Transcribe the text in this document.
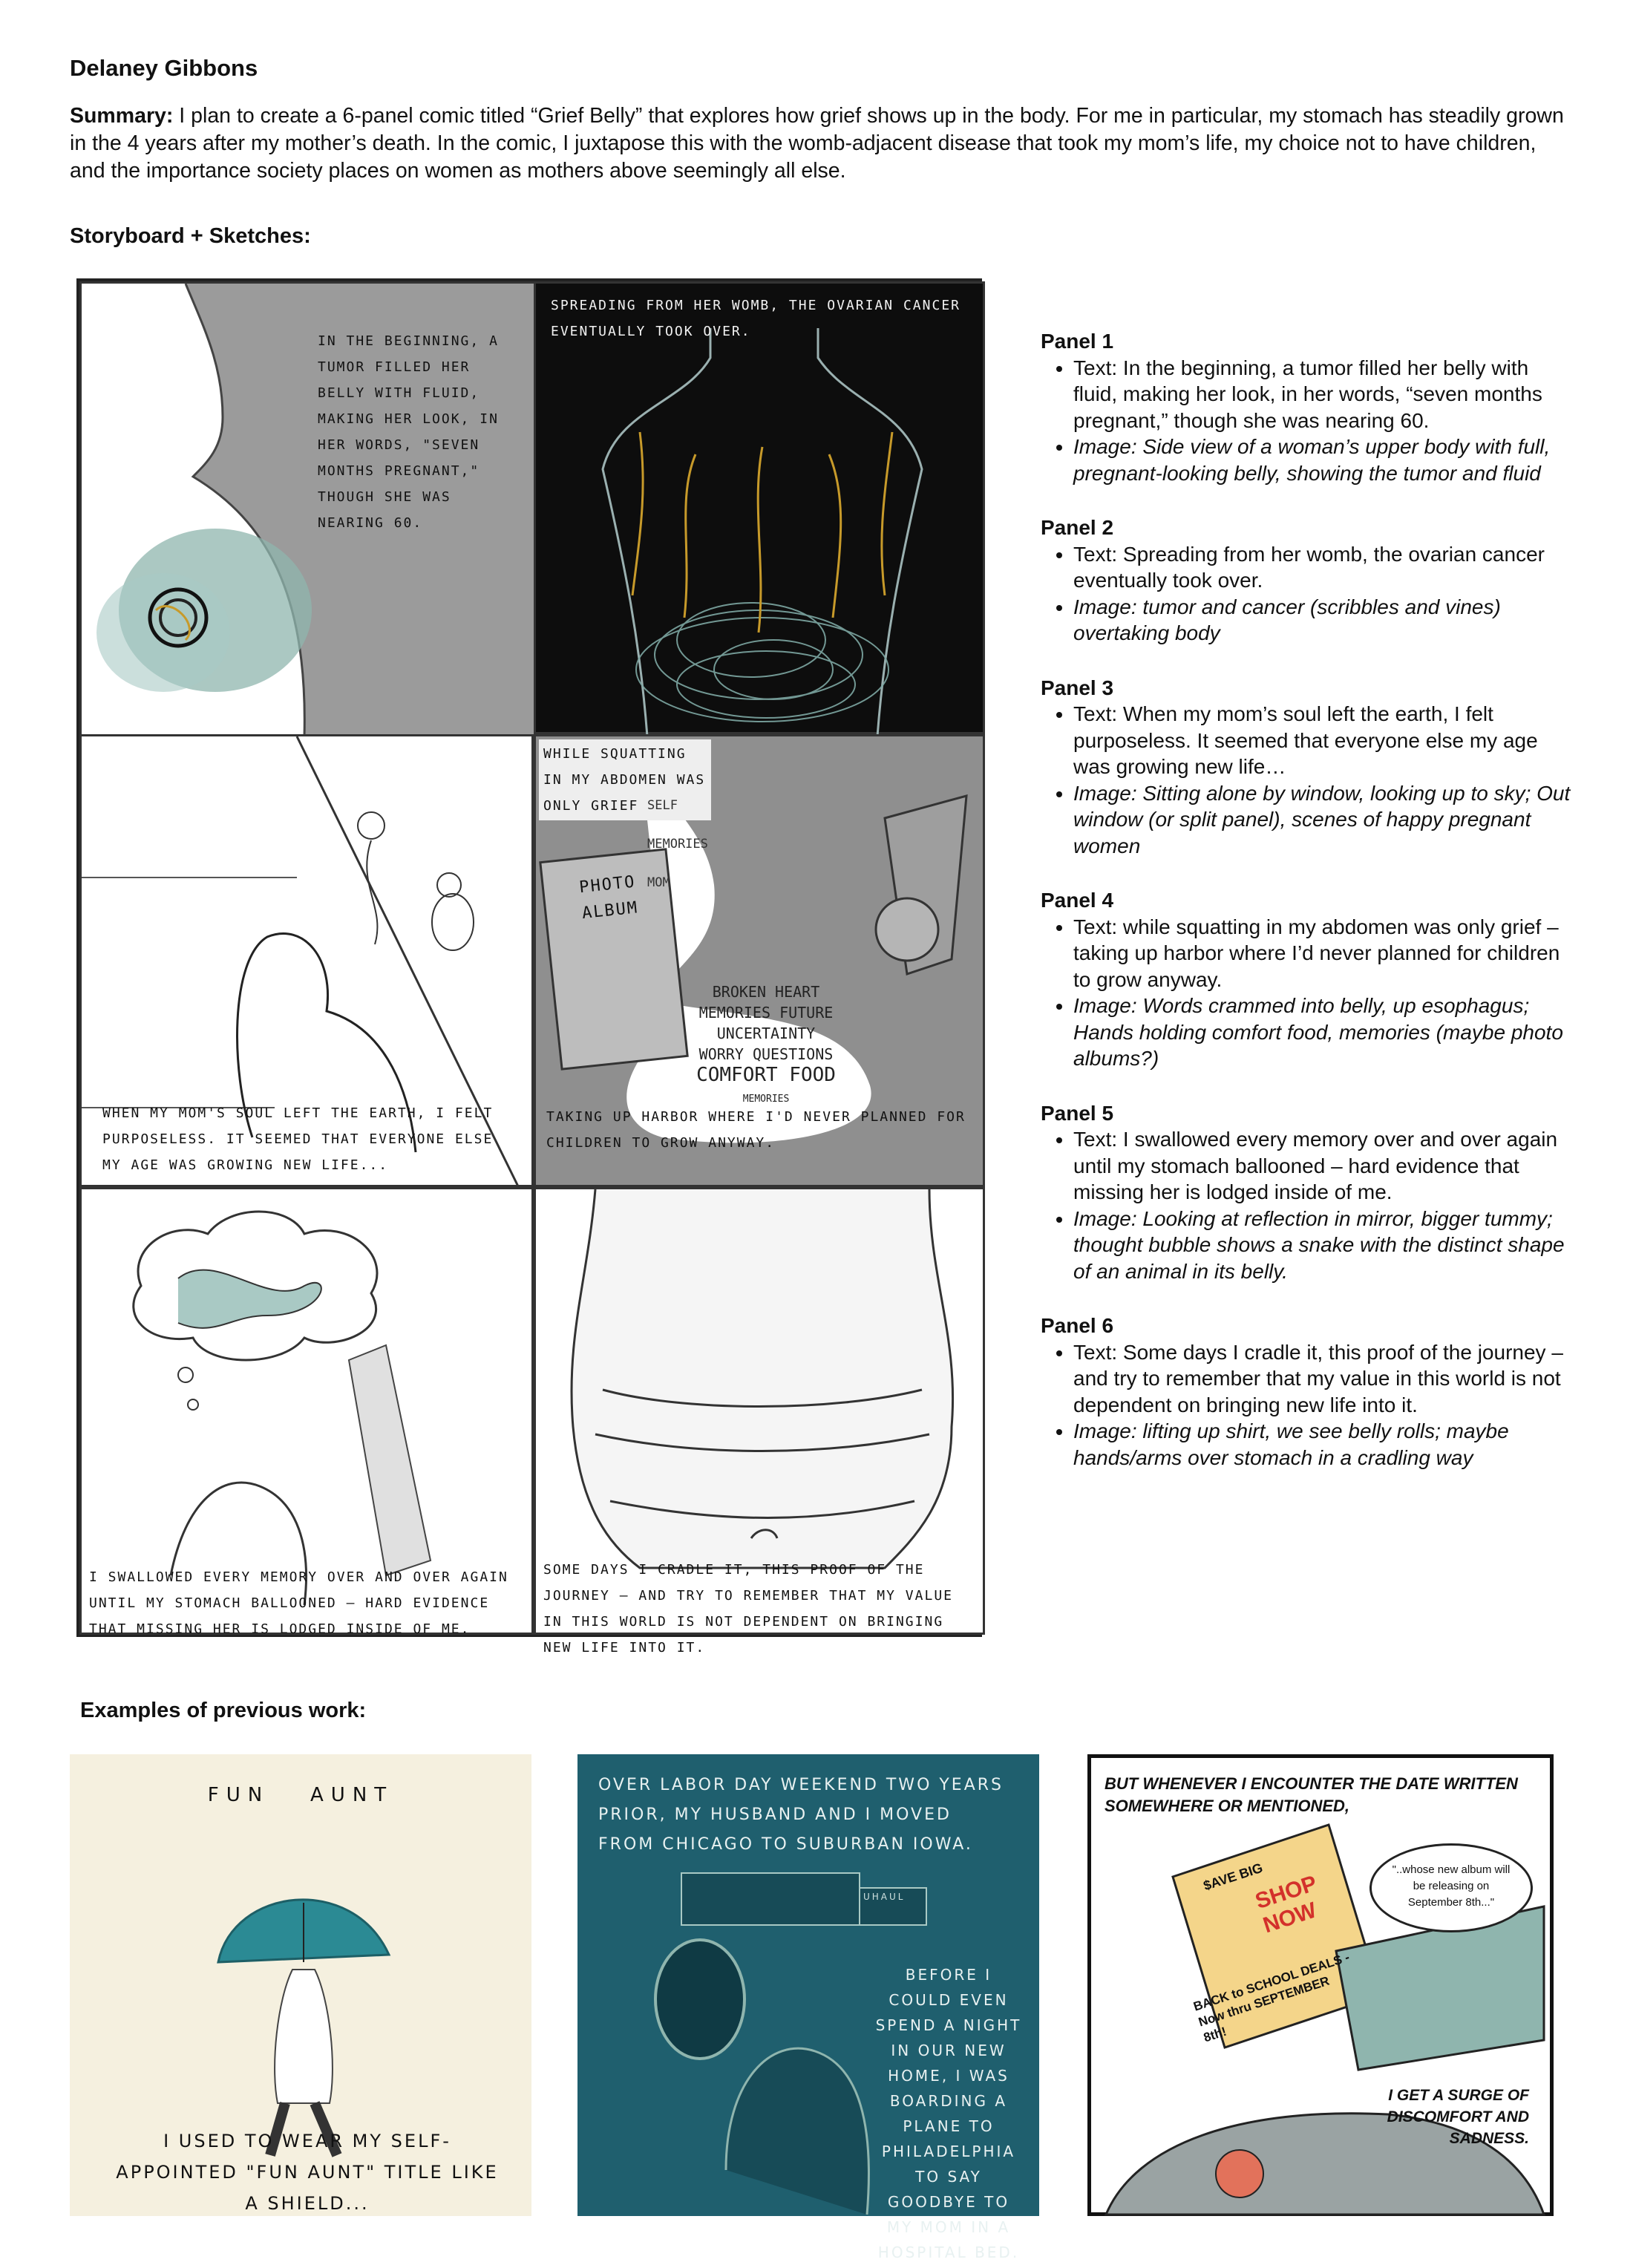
Delaney Gibbons
Summary: I plan to create a 6-panel comic titled “Grief Belly” that explores how grief shows up in the body. For me in particular, my stomach has steadily grown in the 4 years after my mother’s death. In the comic, I juxtapose this with the womb-adjacent disease that took my mom’s life, my choice not to have children, and the importance society places on women as mothers above seemingly all else.
Storyboard + Sketches:
IN THE BEGINNING, A TUMOR FILLED HER BELLY WITH FLUID, MAKING HER LOOK, IN HER WORDS, "SEVEN MONTHS PREGNANT," THOUGH SHE WAS NEARING 60.
SPREADING FROM HER WOMB, THE OVARIAN CANCER EVENTUALLY TOOK OVER.
WHEN MY MOM'S SOUL LEFT THE EARTH, I FELT PURPOSELESS. IT SEEMED THAT EVERYONE ELSE MY AGE WAS GROWING NEW LIFE...
WHILE SQUATTING IN MY ABDOMEN WAS ONLY GRIEF
PHOTO ALBUM
BROKEN HEART
MEMORIES FUTURE
UNCERTAINTY
WORRY QUESTIONS
COMFORT FOOD
MEMORIES
SELF

MEMORIES

MOM
TAKING UP HARBOR WHERE I'D NEVER PLANNED FOR CHILDREN TO GROW ANYWAY.
I SWALLOWED EVERY MEMORY OVER AND OVER AGAIN UNTIL MY STOMACH BALLOONED – HARD EVIDENCE THAT MISSING HER IS LODGED INSIDE OF ME.
SOME DAYS I CRADLE IT, THIS PROOF OF THE JOURNEY – AND TRY TO REMEMBER THAT MY VALUE IN THIS WORLD IS NOT DEPENDENT ON BRINGING NEW LIFE INTO IT.

Panel 1

• Text: In the beginning, a tumor filled her belly with fluid, making her look, in her words, “seven months pregnant,” though she was nearing 60.
• Image: Side view of a woman’s upper body with full, pregnant-looking belly, showing the tumor and fluid

Panel 2

• Text: Spreading from her womb, the ovarian cancer eventually took over.
• Image: tumor and cancer (scribbles and vines) overtaking body

Panel 3

• Text: When my mom’s soul left the earth, I felt purposeless. It seemed that everyone else my age was growing new life…
• Image: Sitting alone by window, looking up to sky; Out window (or split panel), scenes of happy pregnant women

Panel 4

• Text: while squatting in my abdomen was only grief – taking up harbor where I’d never planned for children to grow anyway.
• Image: Words crammed into belly, up esophagus; Hands holding comfort food, memories (maybe photo albums?)

Panel 5

• Text: I swallowed every memory over and over again until my stomach ballooned – hard evidence that missing her is lodged inside of me.
• Image: Looking at reflection in mirror, bigger tummy; thought bubble shows a snake with the distinct shape of an animal in its belly.

Panel 6

• Text: Some days I cradle it, this proof of the journey – and try to remember that my value in this world is not dependent on bringing new life into it.
• Image: lifting up shirt, we see belly rolls; maybe hands/arms over stomach in a cradling way
Examples of previous work:
FUN   AUNT
I USED TO WEAR MY SELF-APPOINTED "FUN AUNT" TITLE LIKE A SHIELD...
OVER LABOR DAY WEEKEND TWO YEARS PRIOR, MY HUSBAND AND I MOVED FROM CHICAGO TO SUBURBAN IOWA.
UHAUL
BEFORE I COULD EVEN SPEND A NIGHT IN OUR NEW HOME, I WAS BOARDING A PLANE TO PHILADELPHIA TO SAY GOODBYE TO MY MOM IN A HOSPITAL BED.
BUT WHENEVER I ENCOUNTER THE DATE WRITTEN SOMEWHERE OR MENTIONED,
$AVE BIG
SHOP NOW
BACK to SCHOOL DEALS - Now thru SEPTEMBER 8th!
"..whose new album will be releasing on September 8th..."
I GET A SURGE OF DISCOMFORT AND SADNESS.
